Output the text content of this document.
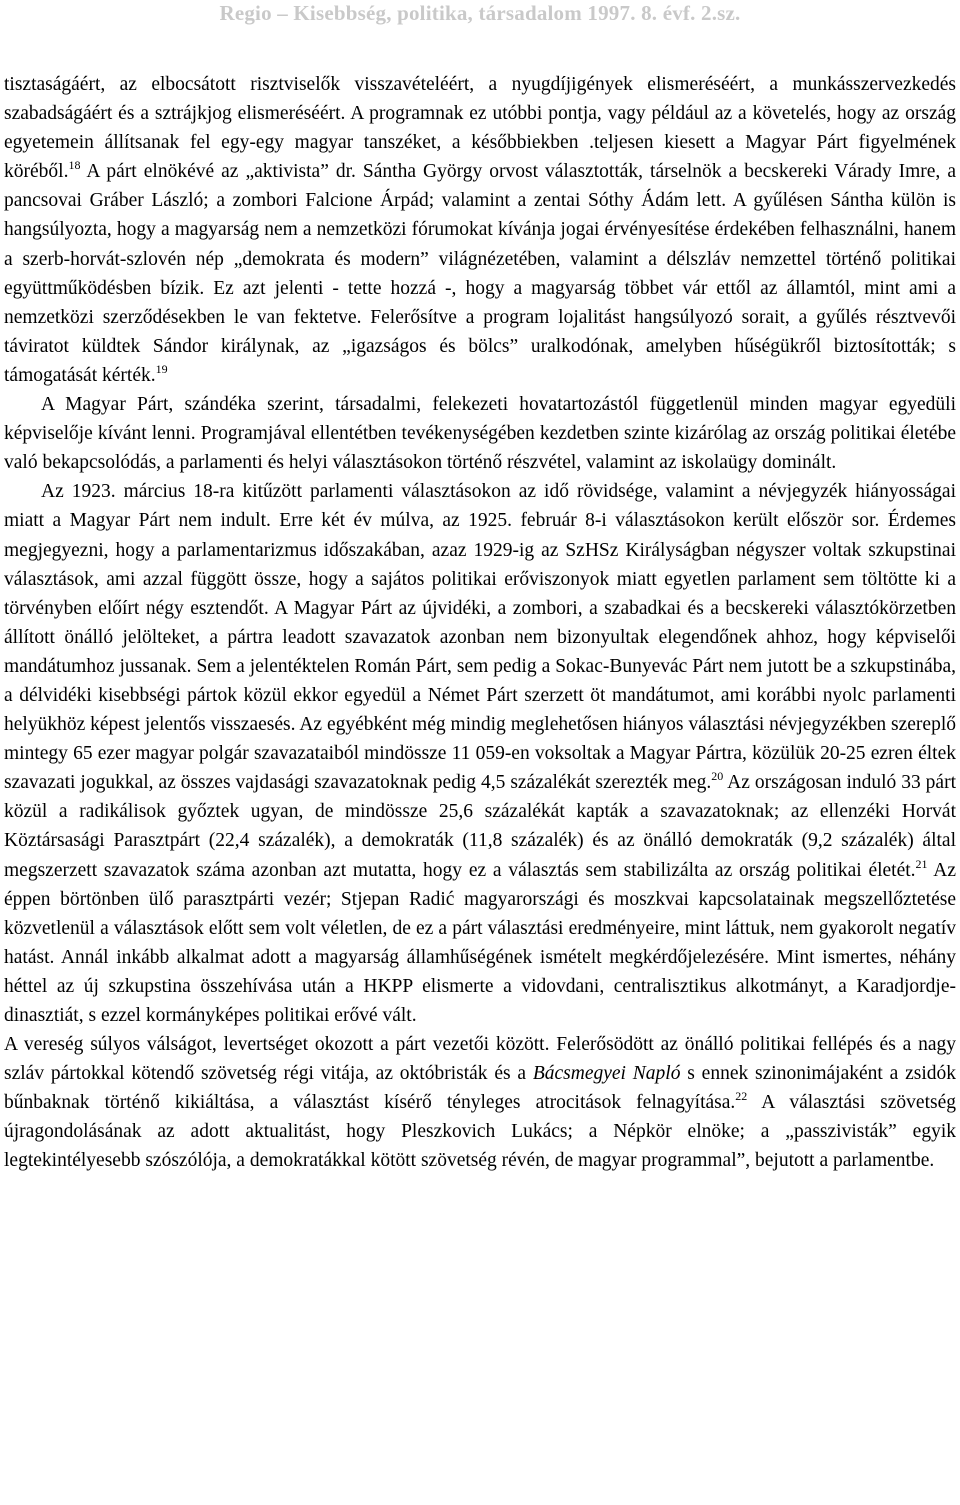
Regio – Kisebbség, politika, társadalom 1997. 8. évf. 2.sz.

tisztaságáért, az elbocsátott risztviselők visszavételéért, a nyugdíjigények elismeréséért, a munkásszervezkedés szabadságáért és a sztrájkjog elismeréséért. A programnak ez utóbbi pontja, vagy például az a követelés, hogy az ország egyetemein állítsanak fel egy-egy magyar tanszéket, a későbbiekben .teljesen kiesett a Magyar Párt figyelmének köréből.$^{18}$ A párt elnökévé az „aktivista” dr. Sántha György orvost választották, társelnök a becskereki Várady Imre, a pancsovai Gráber László; a zombori Falcione Árpád; valamint a zentai Sóthy Ádám lett. A gyűlésen Sántha külön is hangsúlyozta, hogy a magyarság nem a nemzetközi fórumokat kívánja jogai érvényesítése érdekében felhasználni, hanem a szerb-horvát-szlovén nép „demokrata és modern” világnézetében, valamint a délszláv nemzettel történő politikai együttműködésben bízik. Ez azt jelenti - tette hozzá -, hogy a magyarság többet vár ettől az államtól, mint ami a nemzetközi szerződésekben le van fektetve. Felerősítve a program lojalitást hangsúlyozó sorait, a gyűlés résztvevői táviratot küldtek Sándor királynak, az „igazságos és bölcs” uralkodónak, amelyben hűségükről biztosították; s támogatását kérték.$^{19}$

A Magyar Párt, szándéka szerint, társadalmi, felekezeti hovatartozástól függetlenül minden magyar egyedüli képviselője kívánt lenni. Programjával ellentétben tevékenységében kezdetben szinte kizárólag az ország politikai életébe való bekapcsolódás, a parlamenti és helyi választásokon történő részvétel, valamint az iskolaügy dominált.

Az 1923. március 18-ra kitűzött parlamenti választásokon az idő rövidsége, valamint a névjegyzék hiányosságai miatt a Magyar Párt nem indult. Erre két év múlva, az 1925. február 8-i választásokon került először sor. Érdemes megjegyezni, hogy a parlamentarizmus időszakában, azaz 1929-ig az SzHSz Királyságban négyszer voltak szkupstinai választások, ami azzal függött össze, hogy a sajátos politikai erőviszonyok miatt egyetlen parlament sem töltötte ki a törvényben előírt négy esztendőt. A Magyar Párt az újvidéki, a zombori, a szabadkai és a becskereki választókörzetben állított önálló jelölteket, a pártra leadott szavazatok azonban nem bizonyultak elegendőnek ahhoz, hogy képviselői mandátumhoz jussanak. Sem a jelentéktelen Román Párt, sem pedig a Sokac-Bunyevác Párt nem jutott be a szkupstinába, a délvidéki kisebbségi pártok közül ekkor egyedül a Német Párt szerzett öt mandátumot, ami korábbi nyolc parlamenti helyükhöz képest jelentős visszaesés. Az egyébként még mindig meglehetősen hiányos választási névjegyzékben szereplő mintegy 65 ezer magyar polgár szavazataiból mindössze 11 059-en voksoltak a Magyar Pártra, közülük 20-25 ezren éltek szavazati jogukkal, az összes vajdasági szavazatoknak pedig 4,5 százalékát szerezték meg.$^{20}$ Az országosan induló 33 párt közül a radikálisok győztek ugyan, de mindössze 25,6 százalékát kapták a szavazatoknak; az ellenzéki Horvát Köztársasági Parasztpárt (22,4 százalék), a demokraták (11,8 százalék) és az önálló demokraták (9,2 százalék) által megszerzett szavazatok száma azonban azt mutatta, hogy ez a választás sem stabilizálta az ország politikai életét.$^{21}$ Az éppen börtönben ülő parasztpárti vezér; Stjepan Radić magyarországi és moszkvai kapcsolatainak megszellőztetése közvetlenül a választások előtt sem volt véletlen, de ez a párt választási eredményeire, mint láttuk, nem gyakorolt negatív hatást. Annál inkább alkalmat adott a magyarság államhűségének ismételt megkérdőjelezésére. Mint ismertes, néhány héttel az új szkupstina összehívása után a HKPP elismerte a vidovdani, centralisztikus alkotmányt, a Karadjordje-dinasztiát, s ezzel kormányképes politikai erővé vált.

A vereség súlyos válságot, levertséget okozott a párt vezetői között. Felerősödött az önálló politikai fellépés és a nagy szláv pártokkal kötendő szövetség régi vitája, az októbristák és a Bácsmegyei Napló s ennek szinonimájaként a zsidók bűnbaknak történő kikiáltása, a választást kísérő tényleges atrocitások felnagyítása.$^{22}$ A választási szövetség újragondolásának az adott aktualitást, hogy Pleszkovich Lukács; a Népkör elnöke; a „passzivisták” egyik legtekintélyesebb szószólója, a demokratákkal kötött szövetség révén, de magyar programmal”, bejutott a parlamentbe.
